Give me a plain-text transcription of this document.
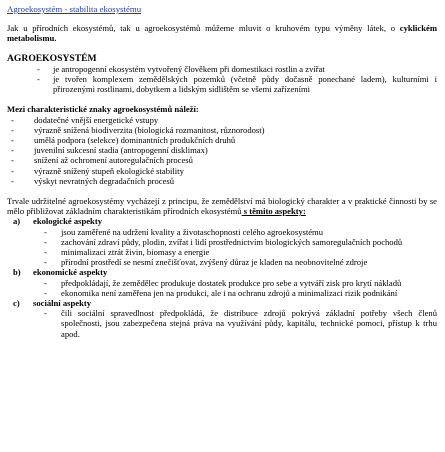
Agroekosystém - stabilita ekosystému

Jak u přírodních ekosystémů, tak u agroekosystémů můžeme mluvit o kruhovém typu výměny látek, o cyklickém metabolismu.

AGROEKOSYSTÉM
- je antropogenní ekosystém vytvořený člověkem při domestikaci rostlin a zvířat
- je tvořen komplexem zemědělských pozemků (včetně půdy dočasně ponechané ladem), kulturními i přirozenými rostlinami, dobytkem a lidským sídlištěm se všemi zařízeními
Mezi charakteristické znaky agroekosystémů náleží:
- dodatečné vnější energetické vstupy
- výrazně snížená biodiverzita (biologická rozmanitost, různorodost)
- umělá podpora (selekce) dominantních produkčních druhů
- juvenilní sukcesní stadia (antropogenní disklimax)
- snížení až ochromení autoregulačních procesů
- výrazně snížený stupeň ekologické stability
- výskyt nevratných degradačních procesů

Trvale udržitelné agroekosystémy vycházejí z principu, že zemědělství má biologický charakter a v praktické činnosti by se mělo přibližovat základním charakteristikám přírodních ekosystémů s těmito aspekty:

a) ekologické aspekty
- jsou zaměřené na udržení kvality a životaschopnosti celého agroekosystému
- zachování zdraví půdy, plodin, zvířat i lidí prostřednictvím biologických samoregulačních pochodů
- minimalizaci ztrát živin, biomasy a energie
- přírodní prostředí se nesmí znečišťovat, zvýšený důraz je kladen na neobnovitelné zdroje
b) ekonomické aspekty
- předpokládají, že zemědělec produkuje dostatek produkce pro sebe a vytváří zisk pro krytí nákladů
- ekonomika není zaměřena jen na produkci, ale i na ochranu zdrojů a minimalizaci rizik podnikání
c) sociální aspekty
- čili sociální spravedlnost předpokládá, že distribuce zdrojů pokrývá základní potřeby všech členů společnosti, jsou zabezpečena stejná práva na využívání půdy, kapitálu, technické pomoci, přístup k trhu apod.
